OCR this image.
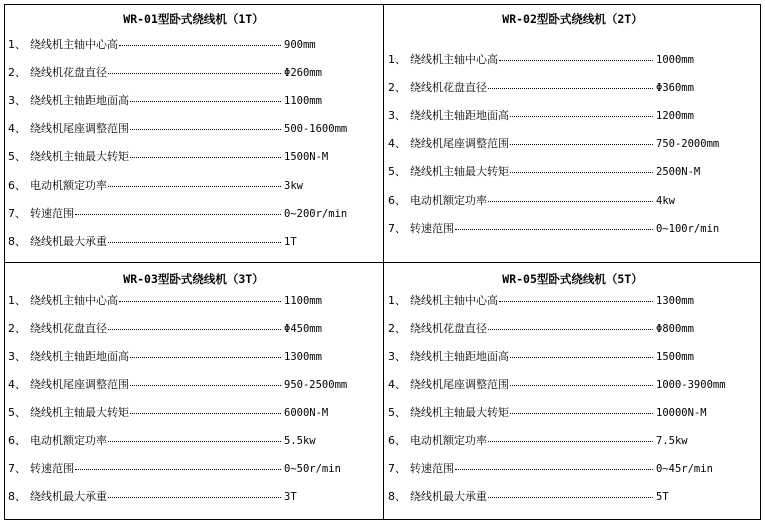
WR-01型卧式绕线机（1T）
1、 绕线机主轴中心高	900mm
2、 绕线机花盘直径	Φ260mm
3、 绕线机主轴距地面高	1100mm
4、 绕线机尾座调整范围	500-1600mm
5、 绕线机主轴最大转矩	1500N-M
6、 电动机额定功率	3kw
7、 转速范围	0~200r/min
8、 绕线机最大承重	1T
WR-02型卧式绕线机（2T）
1、 绕线机主轴中心高	1000mm
2、 绕线机花盘直径	Φ360mm
3、 绕线机主轴距地面高	1200mm
4、 绕线机尾座调整范围	750-2000mm
5、 绕线机主轴最大转矩	2500N-M
6、 电动机额定功率	4kw
7、 转速范围	0~100r/min
WR-03型卧式绕线机（3T）
1、 绕线机主轴中心高	1100mm
2、 绕线机花盘直径	Φ450mm
3、 绕线机主轴距地面高	1300mm
4、 绕线机尾座调整范围	950-2500mm
5、 绕线机主轴最大转矩	6000N-M
6、 电动机额定功率	5.5kw
7、 转速范围	0~50r/min
8、 绕线机最大承重	3T
WR-05型卧式绕线机（5T）
1、 绕线机主轴中心高	1300mm
2、 绕线机花盘直径	Φ800mm
3、 绕线机主轴距地面高	1500mm
4、 绕线机尾座调整范围	1000-3900mm
5、 绕线机主轴最大转矩	10000N-M
6、 电动机额定功率	7.5kw
7、 转速范围	0~45r/min
8、 绕线机最大承重	5T
